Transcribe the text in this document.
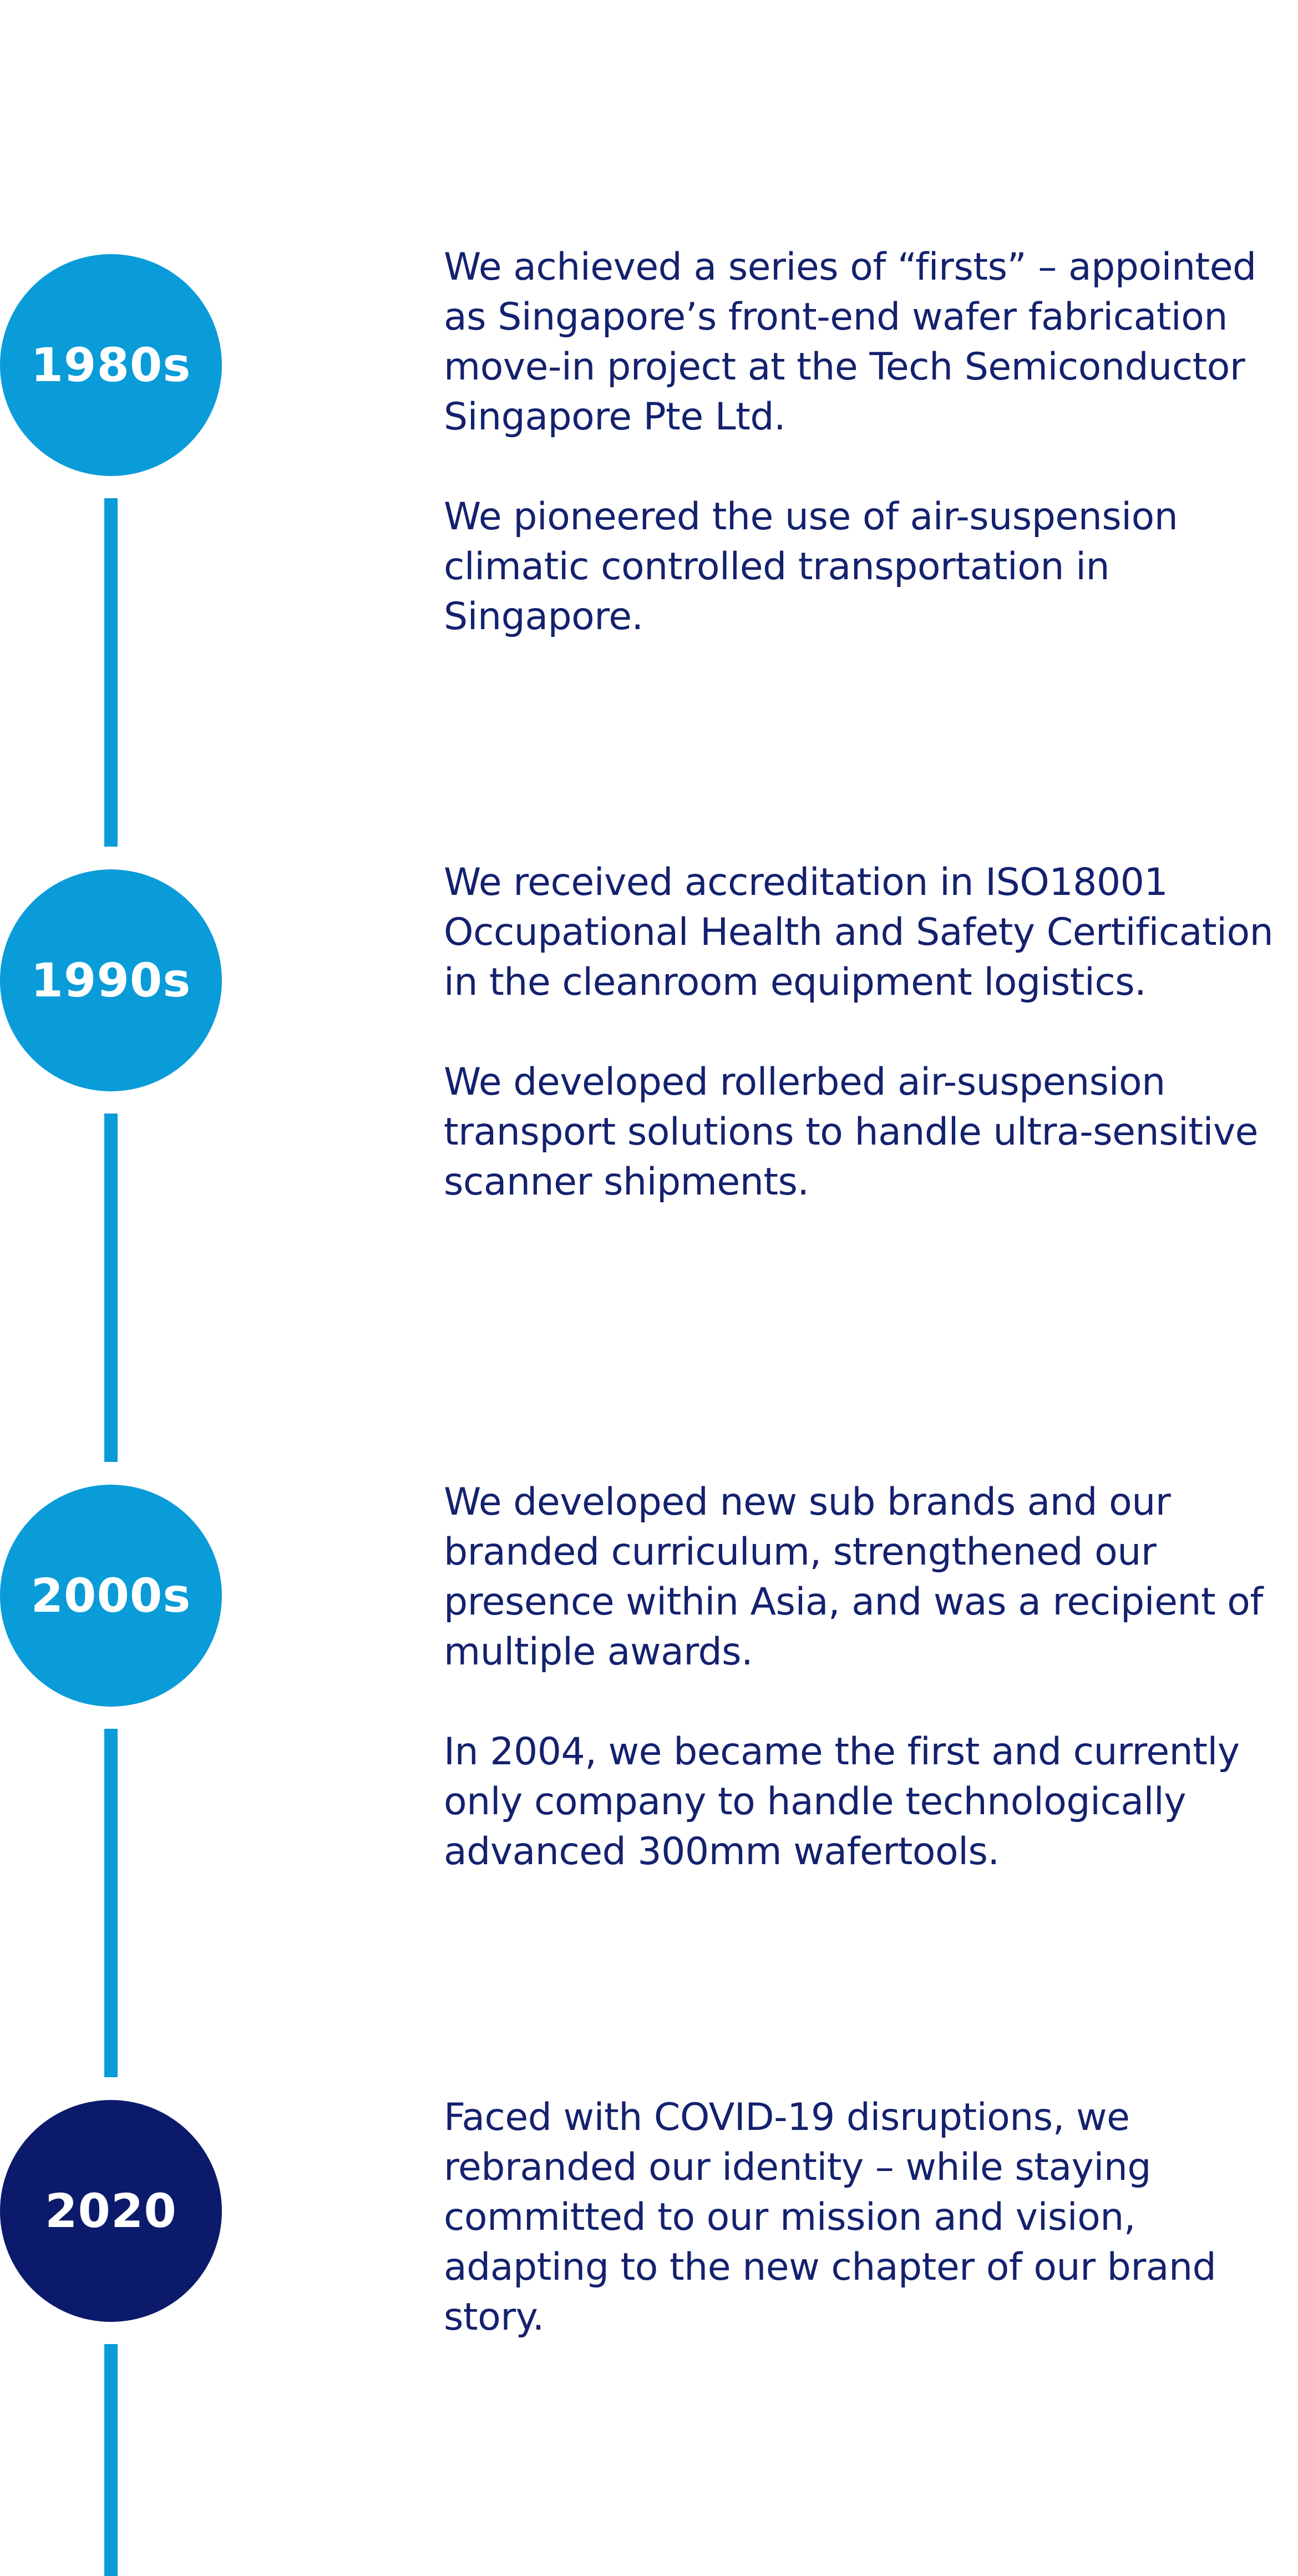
1980s

We achieved a series of “firsts” – appointed
as Singapore’s front-end wafer fabrication
move-in project at the Tech Semiconductor
Singapore Pte Ltd.

We pioneered the use of air-suspension
climatic controlled transportation in
Singapore.

1990s

We received accreditation in ISO18001
Occupational Health and Safety Certification
in the cleanroom equipment logistics.

We developed rollerbed air-suspension
transport solutions to handle ultra-sensitive
scanner shipments.

2000s

We developed new sub brands and our
branded curriculum, strengthened our
presence within Asia, and was a recipient of
multiple awards.

In 2004, we became the first and currently
only company to handle technologically
advanced 300mm wafertools.

2020

Faced with COVID-19 disruptions, we
rebranded our identity – while staying
committed to our mission and vision,
adapting to the new chapter of our brand
story.
